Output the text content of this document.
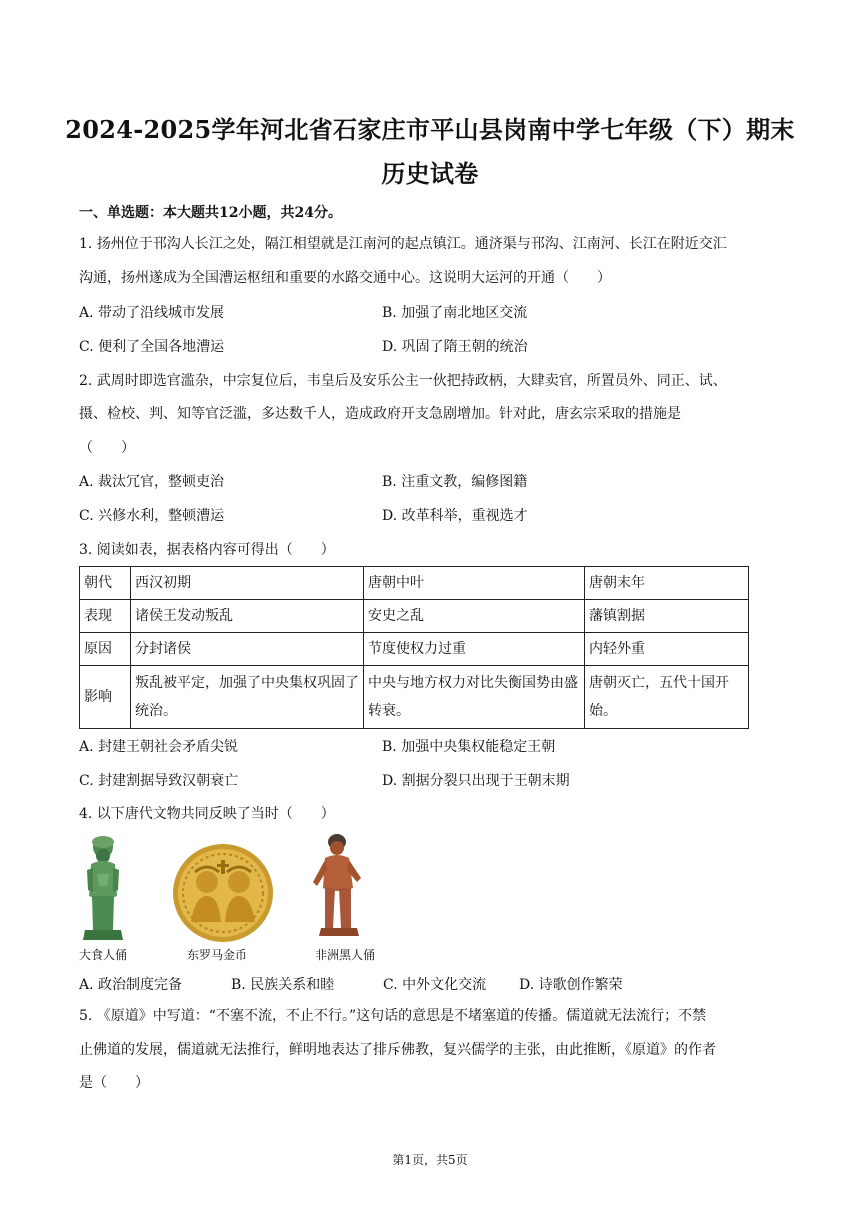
2024-2025学年河北省石家庄市平山县岗南中学七年级（下）期末
历史试卷
一、单选题：本大题共12小题，共24分。
1. 扬州位于邗沟人长江之处，隔江相望就是江南河的起点镇江。通济渠与邗沟、江南河、长江在附近交汇
沟通，扬州遂成为全国漕运枢纽和重要的水路交通中心。这说明大运河的开通（　　）
A. 带动了沿线城市发展	B. 加强了南北地区交流
C. 便利了全国各地漕运	D. 巩固了隋王朝的统治
2. 武周时即选官滥杂，中宗复位后，韦皇后及安乐公主一伙把持政柄，大肆卖官，所置员外、同正、试、
摄、检校、判、知等官泛滥，多达数千人，造成政府开支急剧增加。针对此，唐玄宗采取的措施是
（　　）
A. 裁汰冗官，整顿吏治	B. 注重文教，编修图籍
C. 兴修水利，整顿漕运	D. 改革科举，重视选才
3. 阅读如表，据表格内容可得出（　　）
朝代	西汉初期	唐朝中叶	唐朝末年
表现	诸侯王发动叛乱	安史之乱	藩镇割据
原因	分封诸侯	节度使权力过重	内轻外重
影响	叛乱被平定，加强了中央集权巩固了统治。	中央与地方权力对比失衡国势由盛转衰。	唐朝灭亡，五代十国开始。
A. 封建王朝社会矛盾尖锐	B. 加强中央集权能稳定王朝
C. 封建割据导致汉朝衰亡	D. 割据分裂只出现于王朝末期
4. 以下唐代文物共同反映了当时（　　）
大食人俑	东罗马金币	非洲黑人俑
A. 政治制度完备	B. 民族关系和睦	C. 中外文化交流 D. 诗歌创作繁荣
5. 《原道》中写道：“不塞不流，不止不行。”这句话的意思是不堵塞道的传播。儒道就无法流行；不禁
止佛道的发展，儒道就无法推行，鲜明地表达了排斥佛教，复兴儒学的主张，由此推断，《原道》的作者
是（　　）
第1页，共5页
